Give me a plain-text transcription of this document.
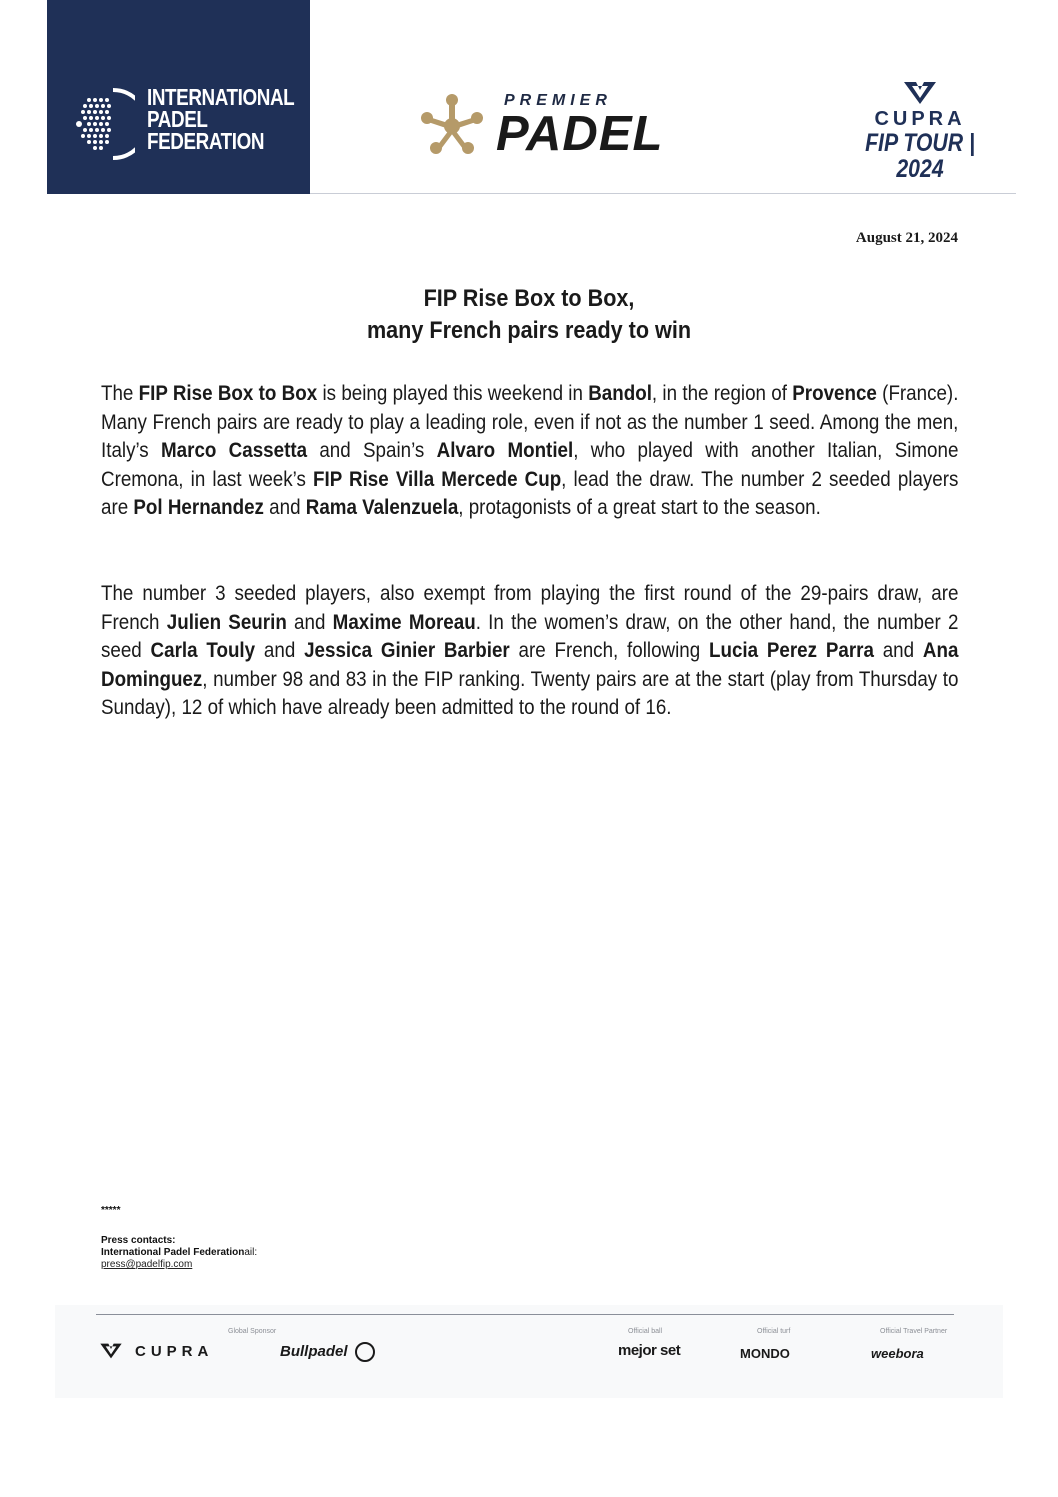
INTERNATIONAL
PADEL
FEDERATION
PREMIER
PADEL	CUPRA
FIP TOUR | 2024
August 21, 2024
FIP Rise Box to Box,
many French pairs ready to win

The FIP Rise Box to Box is being played this weekend in Bandol, in the region of Provence (France). Many French pairs are ready to play a leading role, even if not as the number 1 seed. Among the men, Italy’s Marco Cassetta and Spain’s Alvaro Montiel, who played with another Italian, Simone Cremona, in last week’s FIP Rise Villa Mercede Cup, lead the draw. The number 2 seeded players are Pol Hernandez and Rama Valenzuela, protagonists of a great start to the season.

The number 3 seeded players, also exempt from playing the first round of the 29-pairs draw, are French Julien Seurin and Maxime Moreau. In the women’s draw, on the other hand, the number 2 seed Carla Touly and Jessica Ginier Barbier are French, following Lucia Perez Parra and Ana Dominguez, number 98 and 83 in the FIP ranking. Twenty pairs are at the start (play from Thursday to Sunday), 12 of which have already been admitted to the round of 16.

*****
Press contacts:
International Padel Federationail:
press@padelfip.com
Global Sponsor	Official ball	Official turf	Official Travel Partner
CUPRA	Bullpadel	mejor set	MONDO	weebora
